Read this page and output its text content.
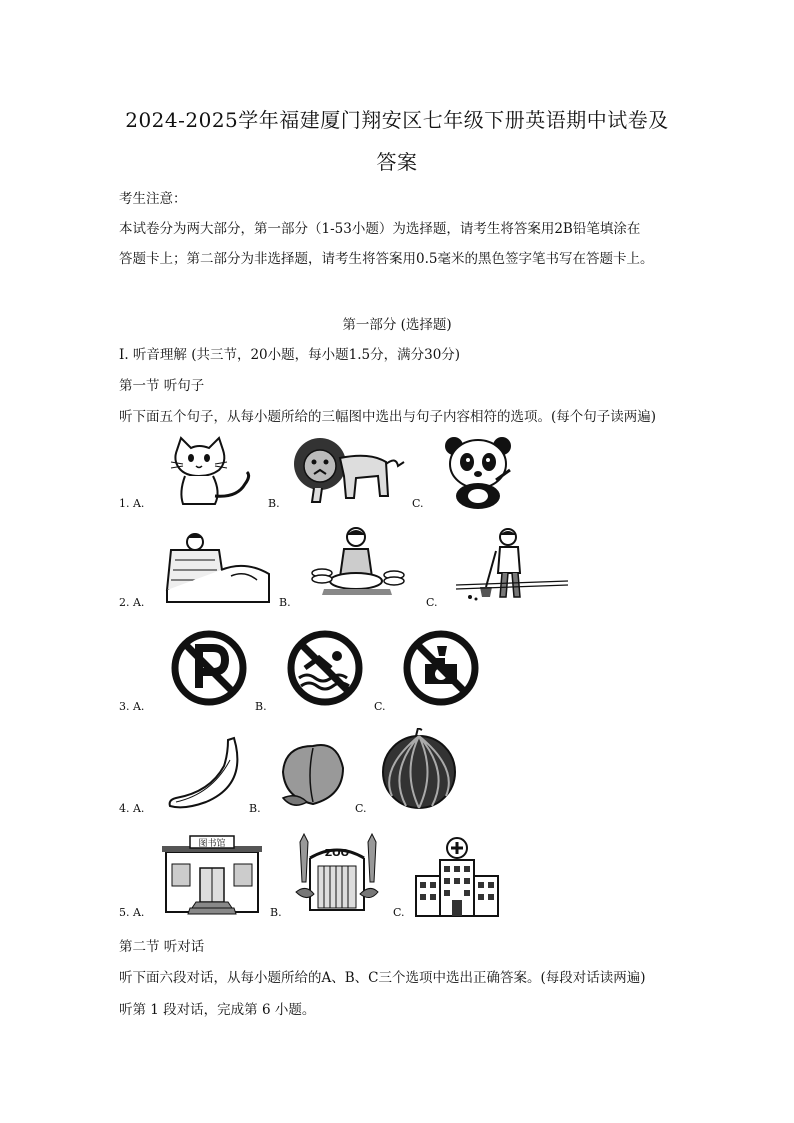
2024-2025学年福建厦门翔安区七年级下册英语期中试卷及
答案
考生注意：
本试卷分为两大部分，第一部分（1-53小题）为选择题，请考生将答案用2B铅笔填涂在
答题卡上；第二部分为非选择题，请考生将答案用0.5毫米的黑色签字笔书写在答题卡上。
第一部分 (选择题)
I. 听音理解 (共三节，20小题，每小题1.5分，满分30分)
第一节 听句子
听下面五个句子，从每小题所给的三幅图中选出与句子内容相符的选项。(每个句子读两遍)
1. A.	B.	C.
2. A.	B.	C.
3. A.	B.	C.
4. A.	B.	C.
5. A.	B.	C.
图书馆
ZOO
第二节 听对话
听下面六段对话，从每小题所给的A、B、C三个选项中选出正确答案。(每段对话读两遍)
听第 1 段对话，完成第 6 小题。
